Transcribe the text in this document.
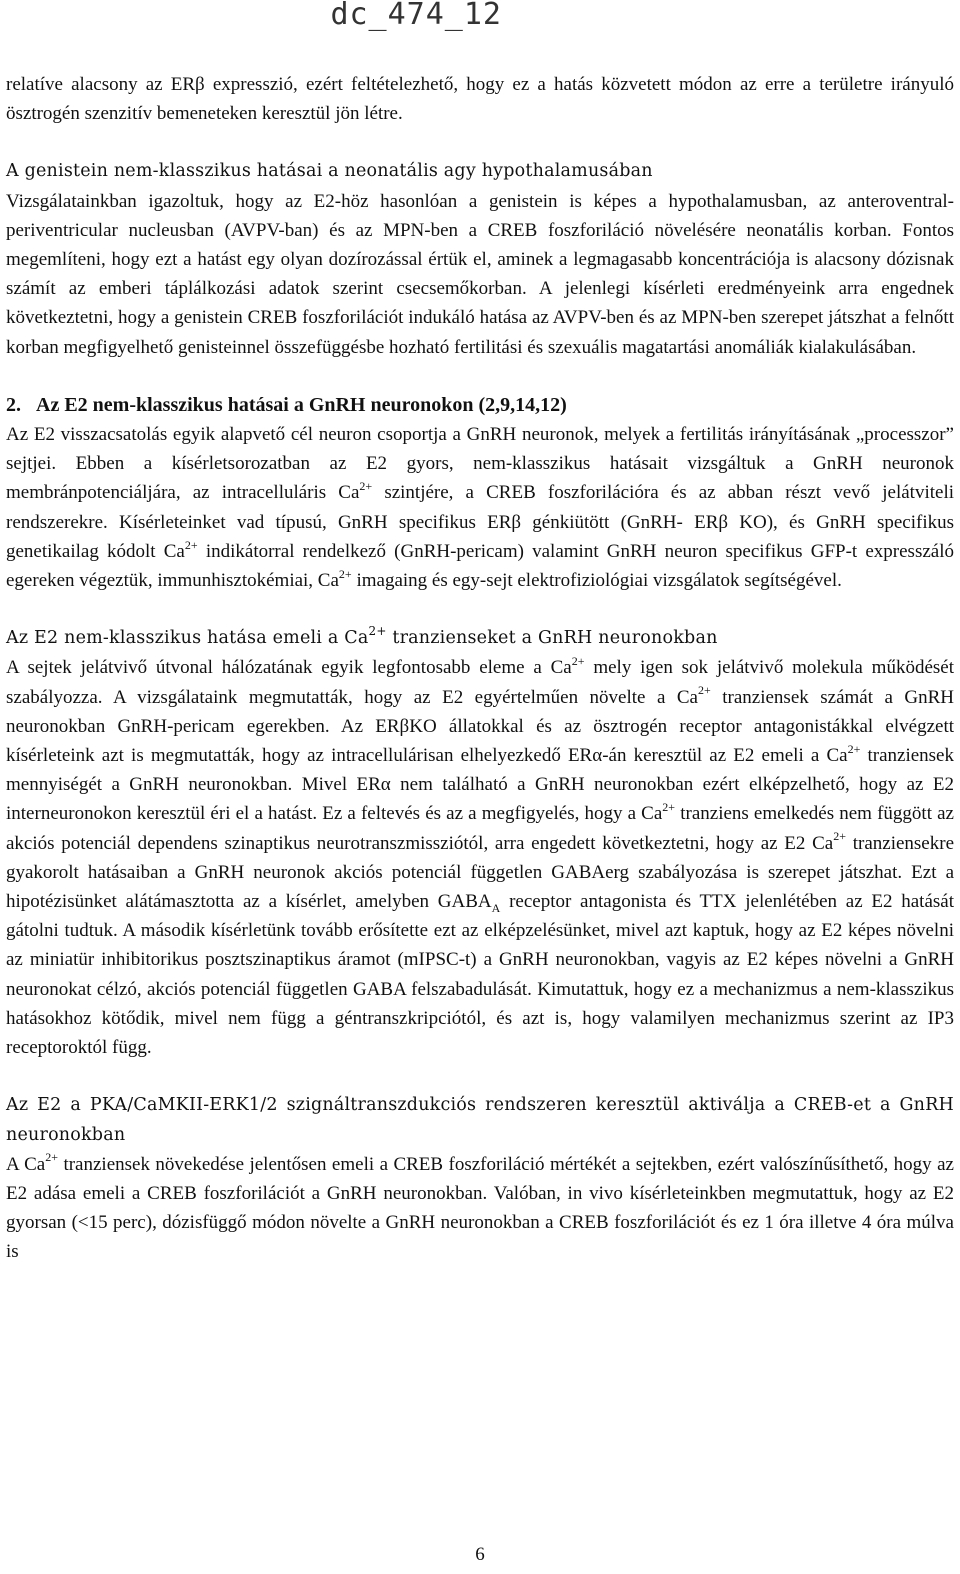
dc_474_12

relatíve alacsony az ERβ expresszió, ezért feltételezhető, hogy ez a hatás közvetett módon az erre a területre irányuló ösztrogén szenzitív bemeneteken keresztül jön létre.

A genistein nem-klasszikus hatásai a neonatális agy hypothalamusában

Vizsgálatainkban igazoltuk, hogy az E2-höz hasonlóan a genistein is képes a hypothalamusban, az anteroventral-periventricular nucleusban (AVPV-ban) és az MPN-ben a CREB foszforiláció növelésére neonatális korban. Fontos megemlíteni, hogy ezt a hatást egy olyan dozírozással értük el, aminek a legmagasabb koncentrációja is alacsony dózisnak számít az emberi táplálkozási adatok szerint csecsemőkorban. A jelenlegi kísérleti eredményeink arra engednek következtetni, hogy a genistein CREB foszforilációt indukáló hatása az AVPV-ben és az MPN-ben szerepet játszhat a felnőtt korban megfigyelhető genisteinnel összefüggésbe hozható fertilitási és szexuális magatartási anomáliák kialakulásában.

2. Az E2 nem-klasszikus hatásai a GnRH neuronokon (2,9,14,12)

Az E2 visszacsatolás egyik alapvető cél neuron csoportja a GnRH neuronok, melyek a fertilitás irányításának „processzor” sejtjei. Ebben a kísérletsorozatban az E2 gyors, nem-klasszikus hatásait vizsgáltuk a GnRH neuronok membránpotenciáljára, az intracelluláris $Ca^{2+}$ szintjére, a CREB foszforilációra és az abban részt vevő jelátviteli rendszerekre. Kísérleteinket vad típusú, GnRH specifikus ERβ génkiütött (GnRH- ERβ KO), és GnRH specifikus genetikailag kódolt $Ca^{2+}$ indikátorral rendelkező (GnRH-pericam) valamint GnRH neuron specifikus GFP-t expresszáló egereken végeztük, immunhisztokémiai, $Ca^{2+}$ imagaing és egy-sejt elektrofiziológiai vizsgálatok segítségével.

Az E2 nem-klasszikus hatása emeli a $Ca^{2+}$ tranzienseket a GnRH neuronokban

A sejtek jelátvivő útvonal hálózatának egyik legfontosabb eleme a $Ca^{2+}$ mely igen sok jelátvivő molekula működését szabályozza. A vizsgálataink megmutatták, hogy az E2 egyértelműen növelte a $Ca^{2+}$ tranziensek számát a GnRH neuronokban GnRH-pericam egerekben. Az ERβKO állatokkal és az ösztrogén receptor antagonistákkal elvégzett kísérleteink azt is megmutatták, hogy az intracellulárisan elhelyezkedő ERα-án keresztül az E2 emeli a $Ca^{2+}$ tranziensek mennyiségét a GnRH neuronokban. Mivel ERα nem található a GnRH neuronokban ezért elképzelhető, hogy az E2 interneuronokon keresztül éri el a hatást. Ez a feltevés és az a megfigyelés, hogy a $Ca^{2+}$ tranziens emelkedés nem függött az akciós potenciál dependens szinaptikus neurotranszmissziótól, arra engedett következtetni, hogy az E2 $Ca^{2+}$ tranziensekre gyakorolt hatásaiban a GnRH neuronok akciós potenciál független GABAerg szabályozása is szerepet játszhat. Ezt a hipotézisünket alátámasztotta az a kísérlet, amelyben $GABA_A$ receptor antagonista és TTX jelenlétében az E2 hatását gátolni tudtuk. A második kísérletünk tovább erősítette ezt az elképzelésünket, mivel azt kaptuk, hogy az E2 képes növelni az miniatür inhibitorikus posztszinaptikus áramot (mIPSC-t) a GnRH neuronokban, vagyis az E2 képes növelni a GnRH neuronokat célzó, akciós potenciál független GABA felszabadulását. Kimutattuk, hogy ez a mechanizmus a nem-klasszikus hatásokhoz kötődik, mivel nem függ a géntranszkripciótól, és azt is, hogy valamilyen mechanizmus szerint az IP3 receptoroktól függ.

Az E2 a PKA/CaMKII-ERK1/2 szignáltranszdukciós rendszeren keresztül aktiválja a CREB-et a GnRH neuronokban

A $Ca^{2+}$ tranziensek növekedése jelentősen emeli a CREB foszforiláció mértékét a sejtekben, ezért valószínűsíthető, hogy az E2 adása emeli a CREB foszforilációt a GnRH neuronokban. Valóban, in vivo kísérleteinkben megmutattuk, hogy az E2 gyorsan (<15 perc), dózisfüggő módon növelte a GnRH neuronokban a CREB foszforilációt és ez 1 óra illetve 4 óra múlva is

6
